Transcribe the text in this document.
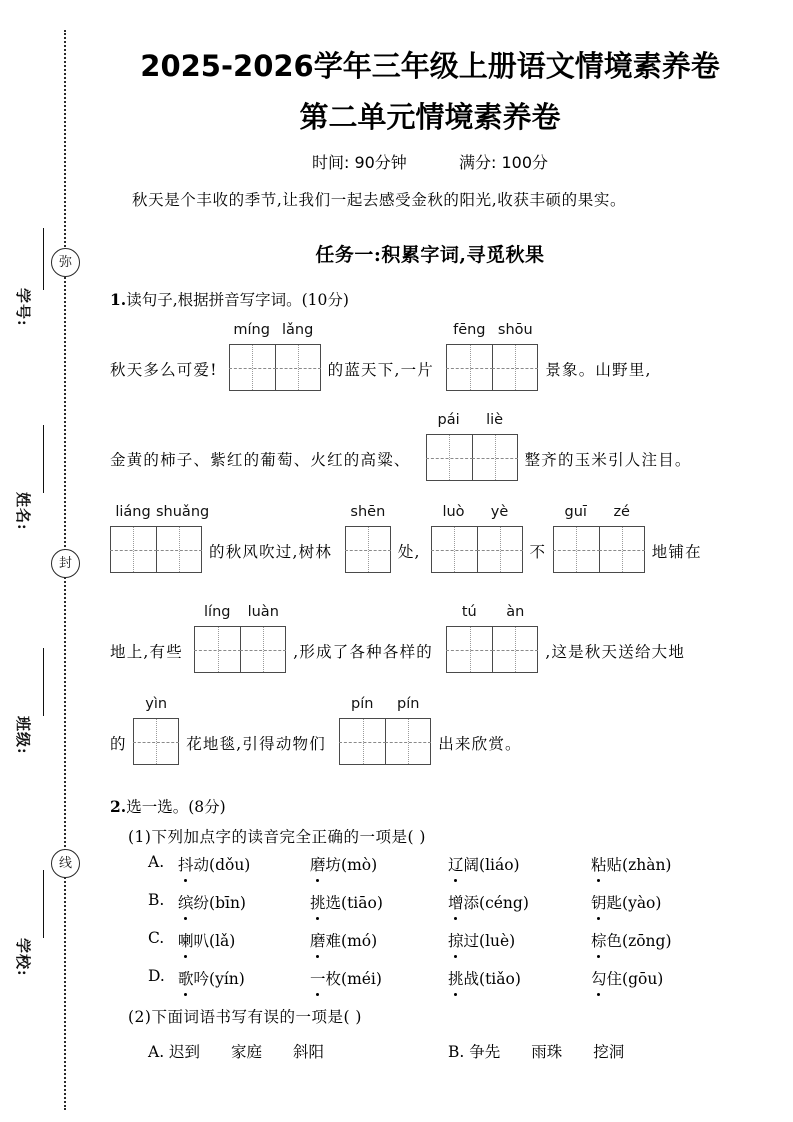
弥
封
线
学号:
姓名:
班级:
学校:
2025-2026学年三年级上册语文情境素养卷
第二单元情境素养卷
时间: 90分钟	满分: 100分
秋天是个丰收的季节,让我们一起去感受金秋的阳光,收获丰硕的果实。
任务一:积累字词,寻觅秋果
1.读句子,根据拼音写字词。(10分)
秋天多么可爱!
míng lǎng
的蓝天下,一片
fēng shōu
景象。山野里,
金黄的柿子、紫红的葡萄、火红的高粱、
pái	liè
整齐的玉米引人注目。
liáng shuǎng
的秋风吹过,树林
shēn
处,
luò	yè
不
guī	zé
地铺在
地上,有些
líng	luàn
,形成了各种各样的
tú	àn
,这是秋天送给大地
的
yìn
花地毯,引得动物们
pín	pín
出来欣赏。
2.选一选。(8分)
(1)下列加点字的读音完全正确的一项是( )
A. 抖动(dǒu)	磨坊(mò)	辽阔(liáo)	粘贴(zhàn)
B. 缤纷(bīn)	挑选(tiāo)	增添(céng)	钥匙(yào)
C. 喇叭(lǎ)	磨难(mó)	掠过(luè)	棕色(zōng)
D. 歌吟(yín)	一枚(méi)	挑战(tiǎo)	勾住(gōu)
(2)下面词语书写有误的一项是( )
A. 迟到　　家庭　　斜阳	B. 争先　　雨珠　　挖洞
